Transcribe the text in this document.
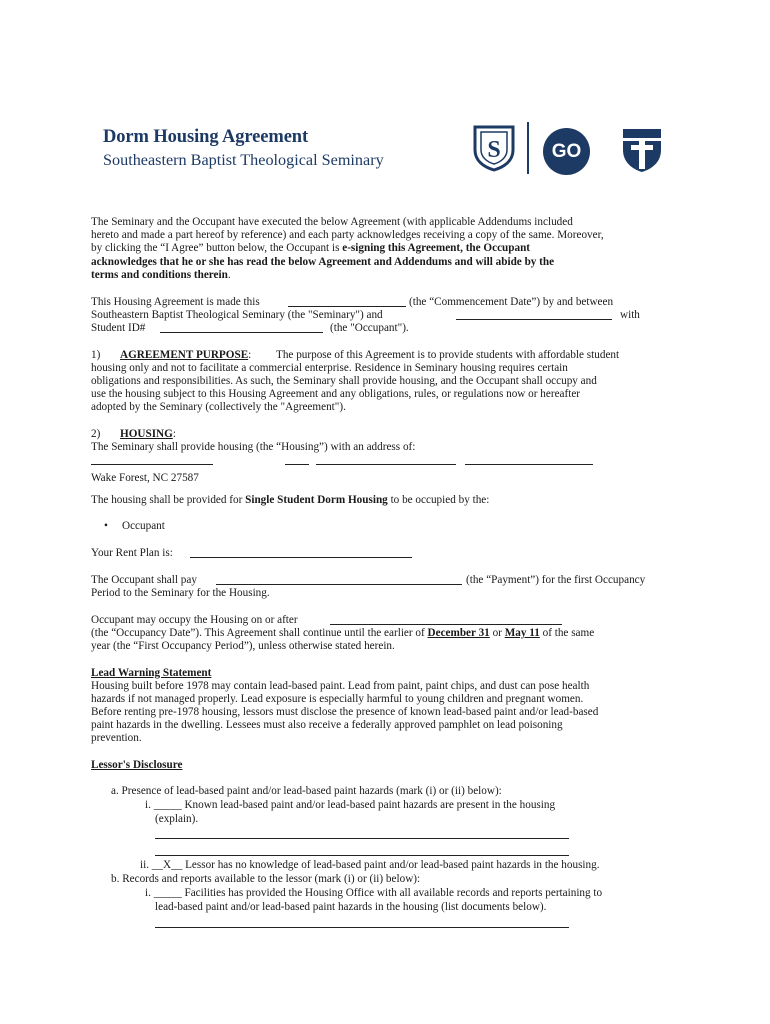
Dorm Housing Agreement
Southeastern Baptist Theological Seminary	S	GO
The Seminary and the Occupant have executed the below Agreement (with applicable Addendums included
hereto and made a part hereof by reference) and each party acknowledges receiving a copy of the same. Moreover,
by clicking the “I Agree” button below, the Occupant is e-signing this Agreement, the Occupant
acknowledges that he or she has read the below Agreement and Addendums and will abide by the
terms and conditions therein.
This Housing Agreement is made this	(the “Commencement Date”) by and between
Southeastern Baptist Theological Seminary (the "Seminary") and	with
Student ID#	(the "Occupant").
1) AGREEMENT PURPOSE: The purpose of this Agreement is to provide students with affordable student
housing only and not to facilitate a commercial enterprise. Residence in Seminary housing requires certain
obligations and responsibilities. As such, the Seminary shall provide housing, and the Occupant shall occupy and
use the housing subject to this Housing Agreement and any obligations, rules, or regulations now or hereafter
adopted by the Seminary (collectively the "Agreement").
2) HOUSING:
The Seminary shall provide housing (the “Housing”) with an address of:
Wake Forest, NC 27587
The housing shall be provided for Single Student Dorm Housing to be occupied by the:
• Occupant
Your Rent Plan is:
The Occupant shall pay	(the “Payment”) for the first Occupancy
Period to the Seminary for the Housing.
Occupant may occupy the Housing on or after
(the “Occupancy Date”). This Agreement shall continue until the earlier of December 31 or May 11 of the same
year (the “First Occupancy Period”), unless otherwise stated herein.
Lead Warning Statement
Housing built before 1978 may contain lead-based paint. Lead from paint, paint chips, and dust can pose health
hazards if not managed properly. Lead exposure is especially harmful to young children and pregnant women.
Before renting pre-1978 housing, lessors must disclose the presence of known lead-based paint and/or lead-based
paint hazards in the dwelling. Lessees must also receive a federally approved pamphlet on lead poisoning
prevention.
Lessor's Disclosure
a. Presence of lead-based paint and/or lead-based paint hazards (mark (i) or (ii) below):
i. _____ Known lead-based paint and/or lead-based paint hazards are present in the housing
(explain).
ii. __X__ Lessor has no knowledge of lead-based paint and/or lead-based paint hazards in the housing.
b. Records and reports available to the lessor (mark (i) or (ii) below):
i. _____ Facilities has provided the Housing Office with all available records and reports pertaining to
lead-based paint and/or lead-based paint hazards in the housing (list documents below).
